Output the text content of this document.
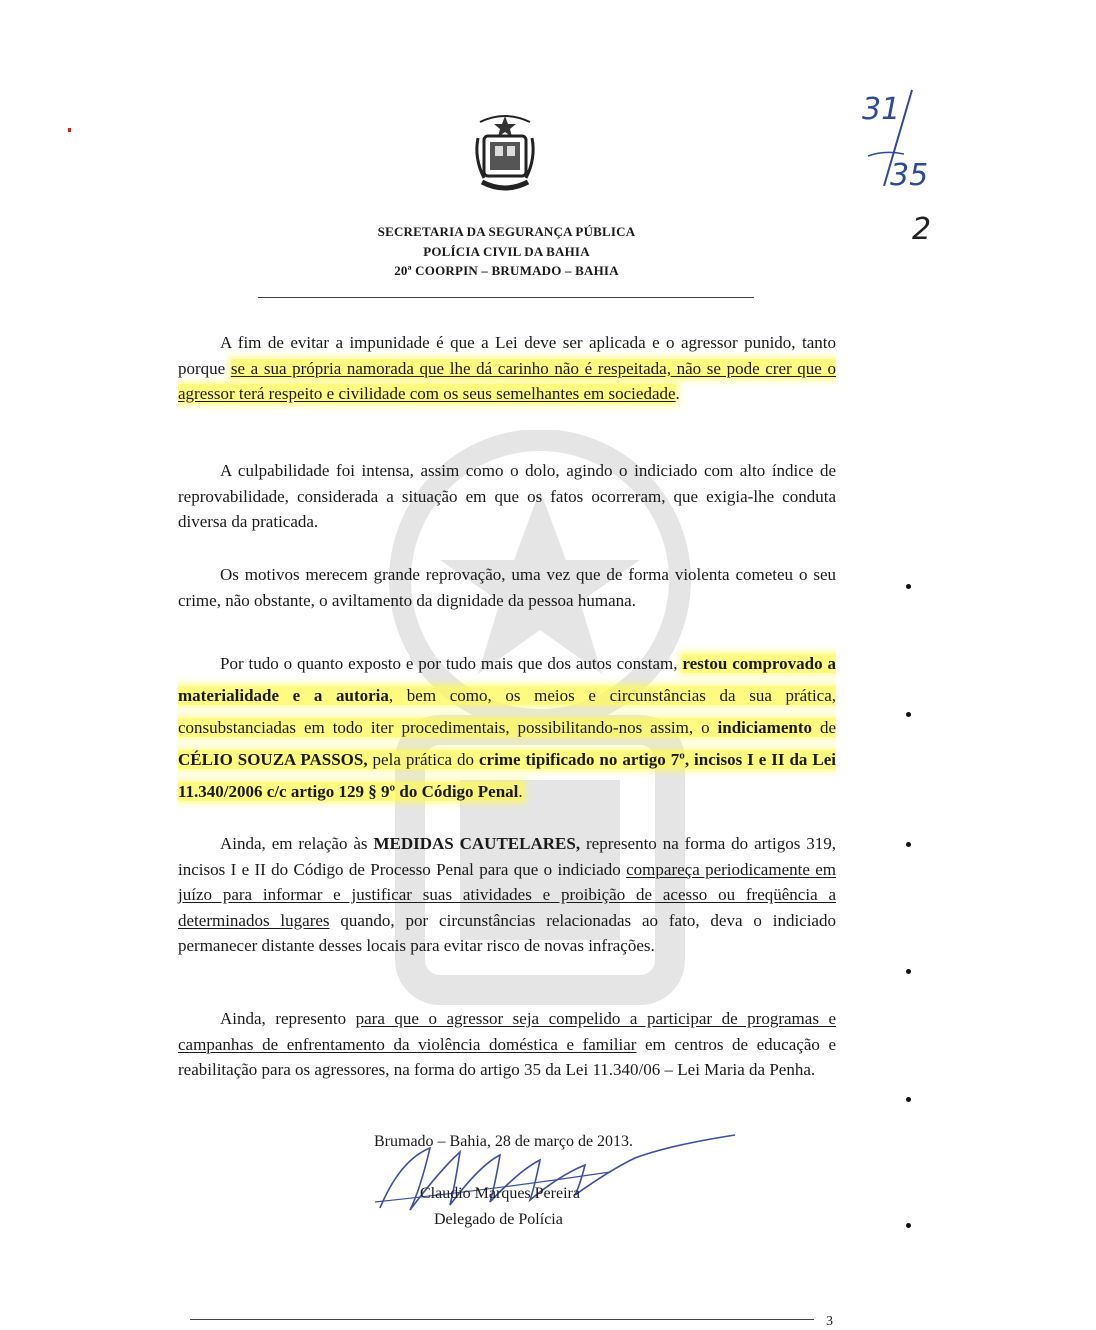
SECRETARIA DA SEGURANÇA PÚBLICA
POLÍCIA CIVIL DA BAHIA
20ª COORPIN – BRUMADO – BAHIA
31
35
2

A fim de evitar a impunidade é que a Lei deve ser aplicada e o agressor punido, tanto porque se a sua própria namorada que lhe dá carinho não é respeitada, não se pode crer que o agressor terá respeito e civilidade com os seus semelhantes em sociedade.

A culpabilidade foi intensa, assim como o dolo, agindo o indiciado com alto índice de reprovabilidade, considerada a situação em que os fatos ocorreram, que exigia-lhe conduta diversa da praticada.

Os motivos merecem grande reprovação, uma vez que de forma violenta cometeu o seu crime, não obstante, o aviltamento da dignidade da pessoa humana.

Por tudo o quanto exposto e por tudo mais que dos autos constam, restou comprovado a materialidade e a autoria, bem como, os meios e circunstâncias da sua prática, consubstanciadas em todo iter procedimentais, possibilitando-nos assim, o indiciamento de CÉLIO SOUZA PASSOS, pela prática do crime tipificado no artigo 7º, incisos I e II da Lei 11.340/2006 c/c artigo 129 § 9º do Código Penal.

Ainda, em relação às MEDIDAS CAUTELARES, represento na forma do artigos 319, incisos I e II do Código de Processo Penal para que o indiciado compareça periodicamente em juízo para informar e justificar suas atividades e proibição de acesso ou freqüência a determinados lugares quando, por circunstâncias relacionadas ao fato, deva o indiciado permanecer distante desses locais para evitar risco de novas infrações.

Ainda, represento para que o agressor seja compelido a participar de programas e campanhas de enfrentamento da violência doméstica e familiar em centros de educação e reabilitação para os agressores, na forma do artigo 35 da Lei 11.340/06 – Lei Maria da Penha.

Brumado – Bahia, 28 de março de 2013.
Claudio Marques Pereira
Delegado de Polícia
3
